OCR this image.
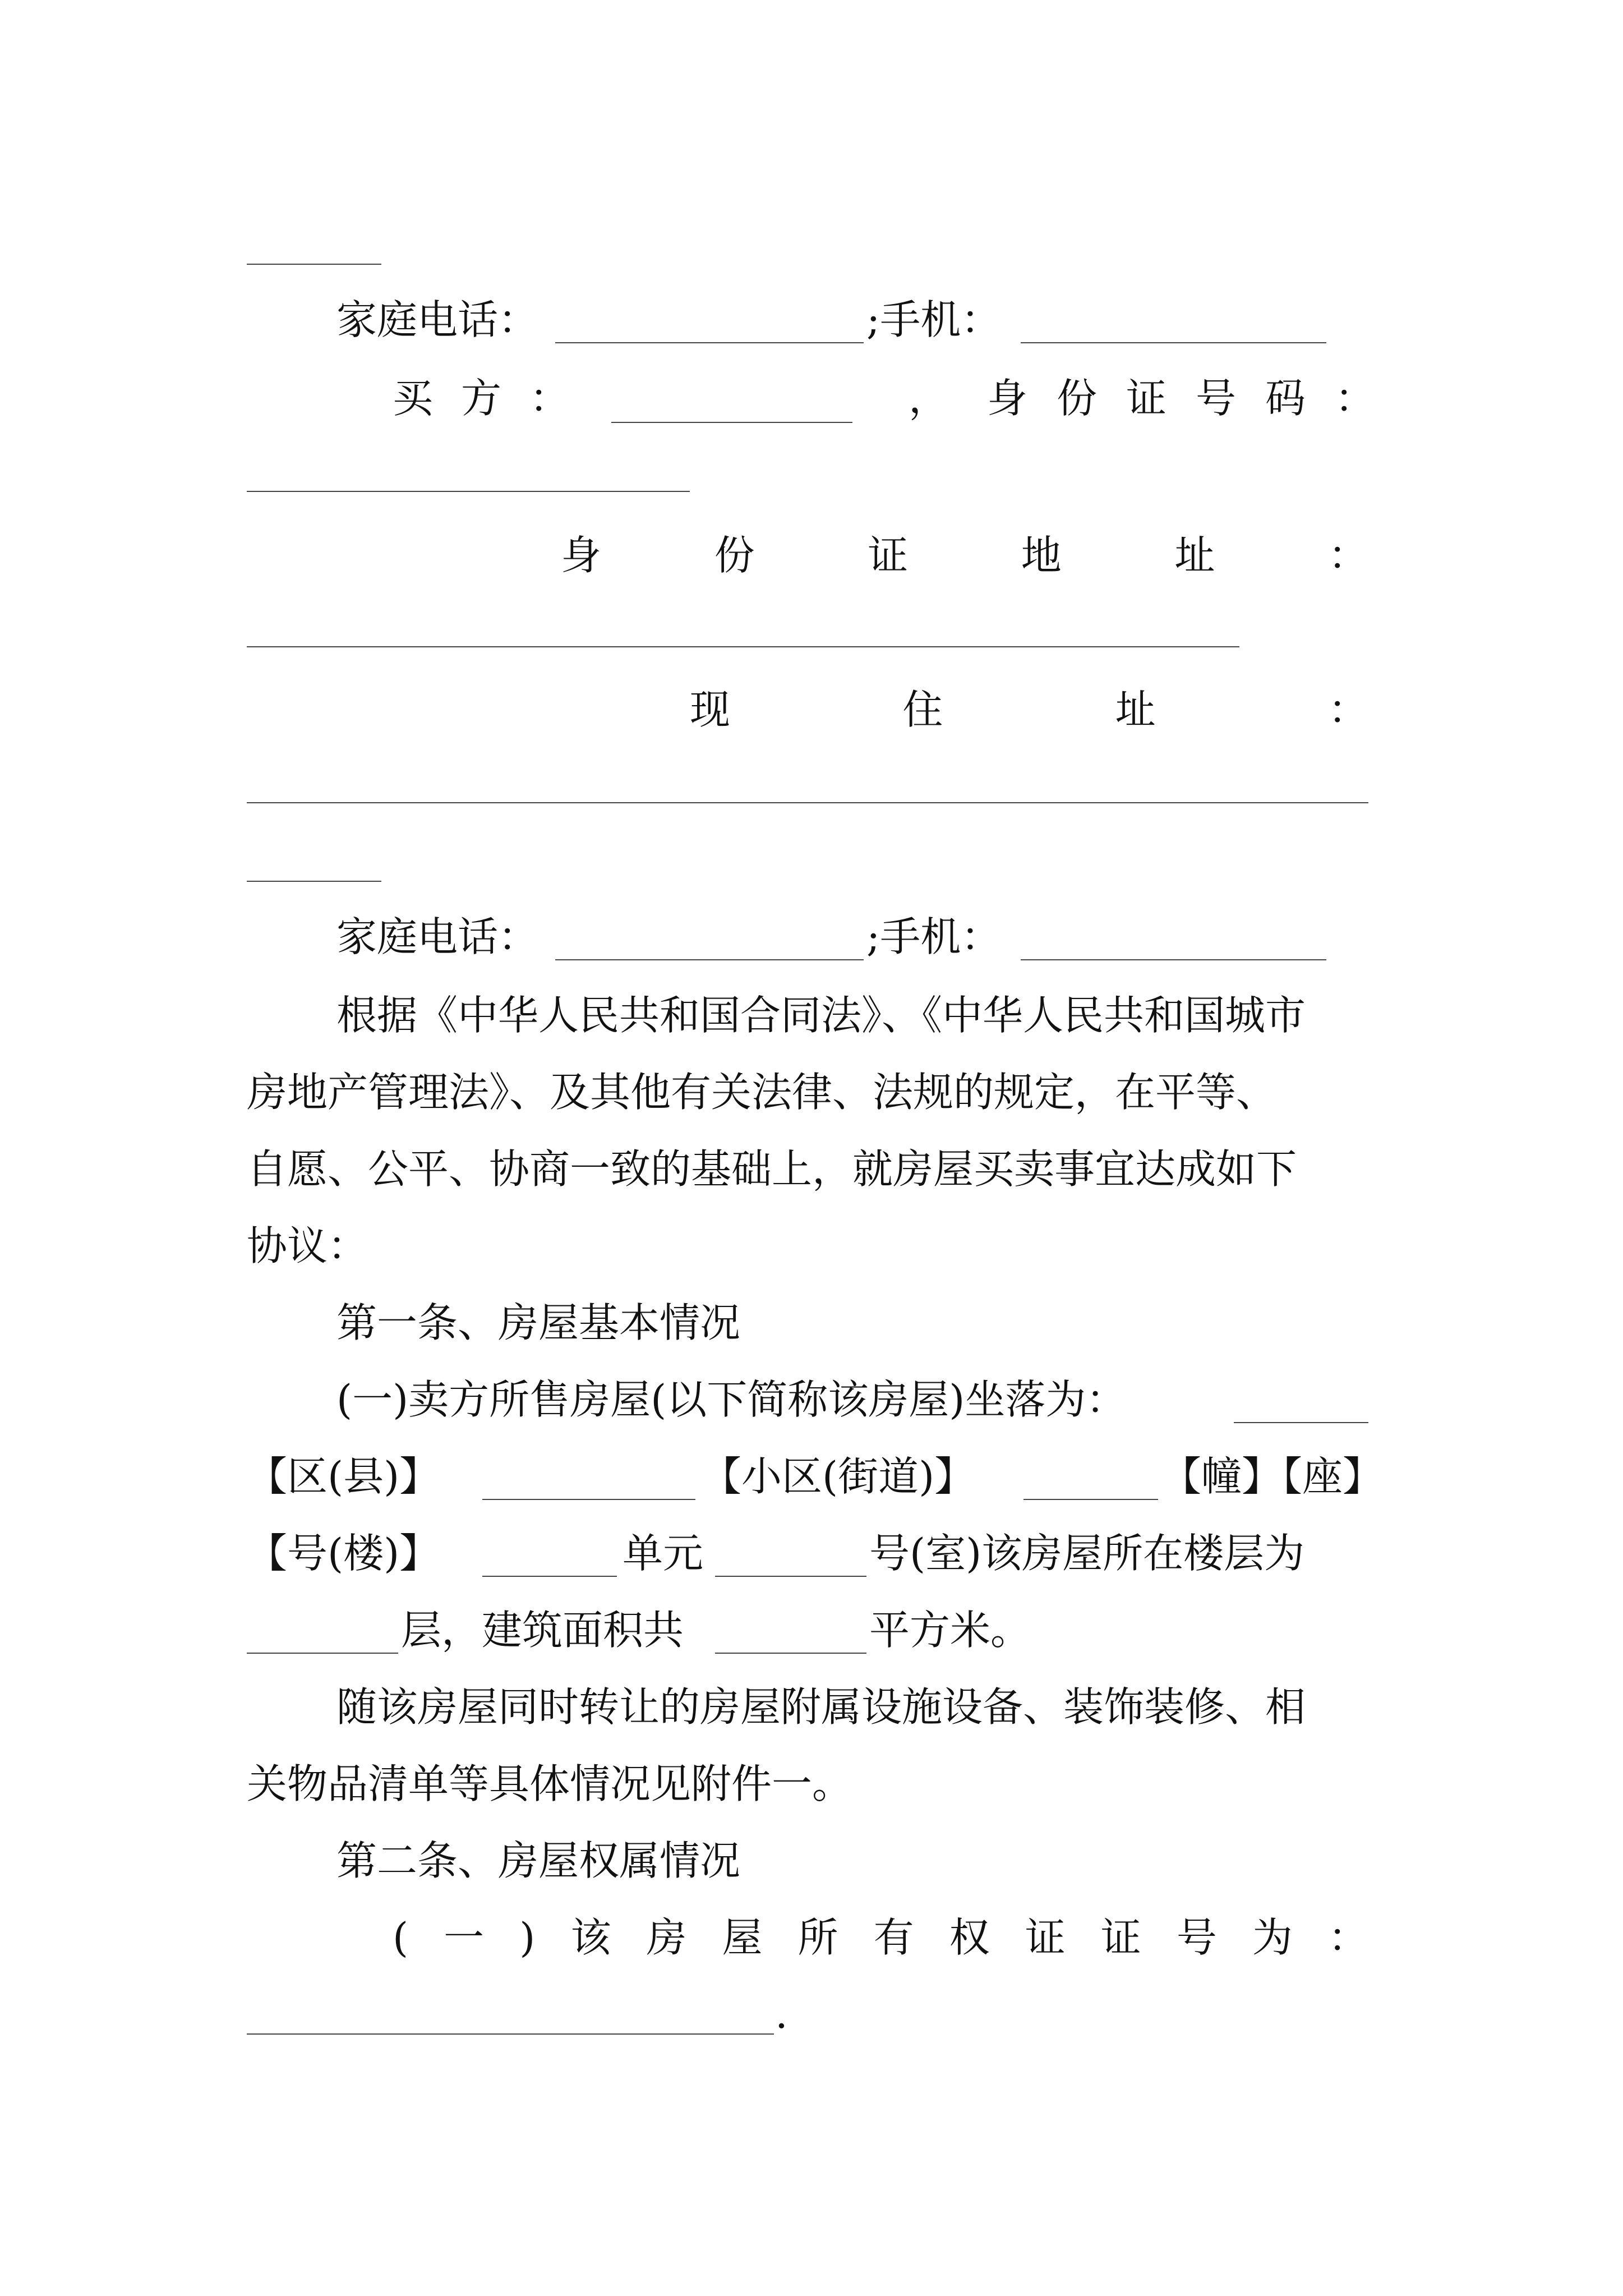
家庭电话：	;手机：
买方：	， 身份证号码：
身	份	证	地	址	：
现	住	址	：
家庭电话：	;手机：
根据《中华人民共和国合同法》、《中华人民共和国城市
房地产管理法》、及其他有关法律、法规的规定，在平等、
自愿、公平、协商一致的基础上，就房屋买卖事宜达成如下
协议：
第一条、房屋基本情况
(一)卖方所售房屋(以下简称该房屋)坐落为：
【区(县)】	【小区(街道)】	【幢】【座】
【号(楼)】	单元	号(室)该房屋所在楼层为
层，建筑面积共	平方米。
随该房屋同时转让的房屋附属设施设备、装饰装修、相
关物品清单等具体情况见附件一。
第二条、房屋权属情况
( 一 ) 该 房 屋 所 有 权 证 证 号 为 ：
.
